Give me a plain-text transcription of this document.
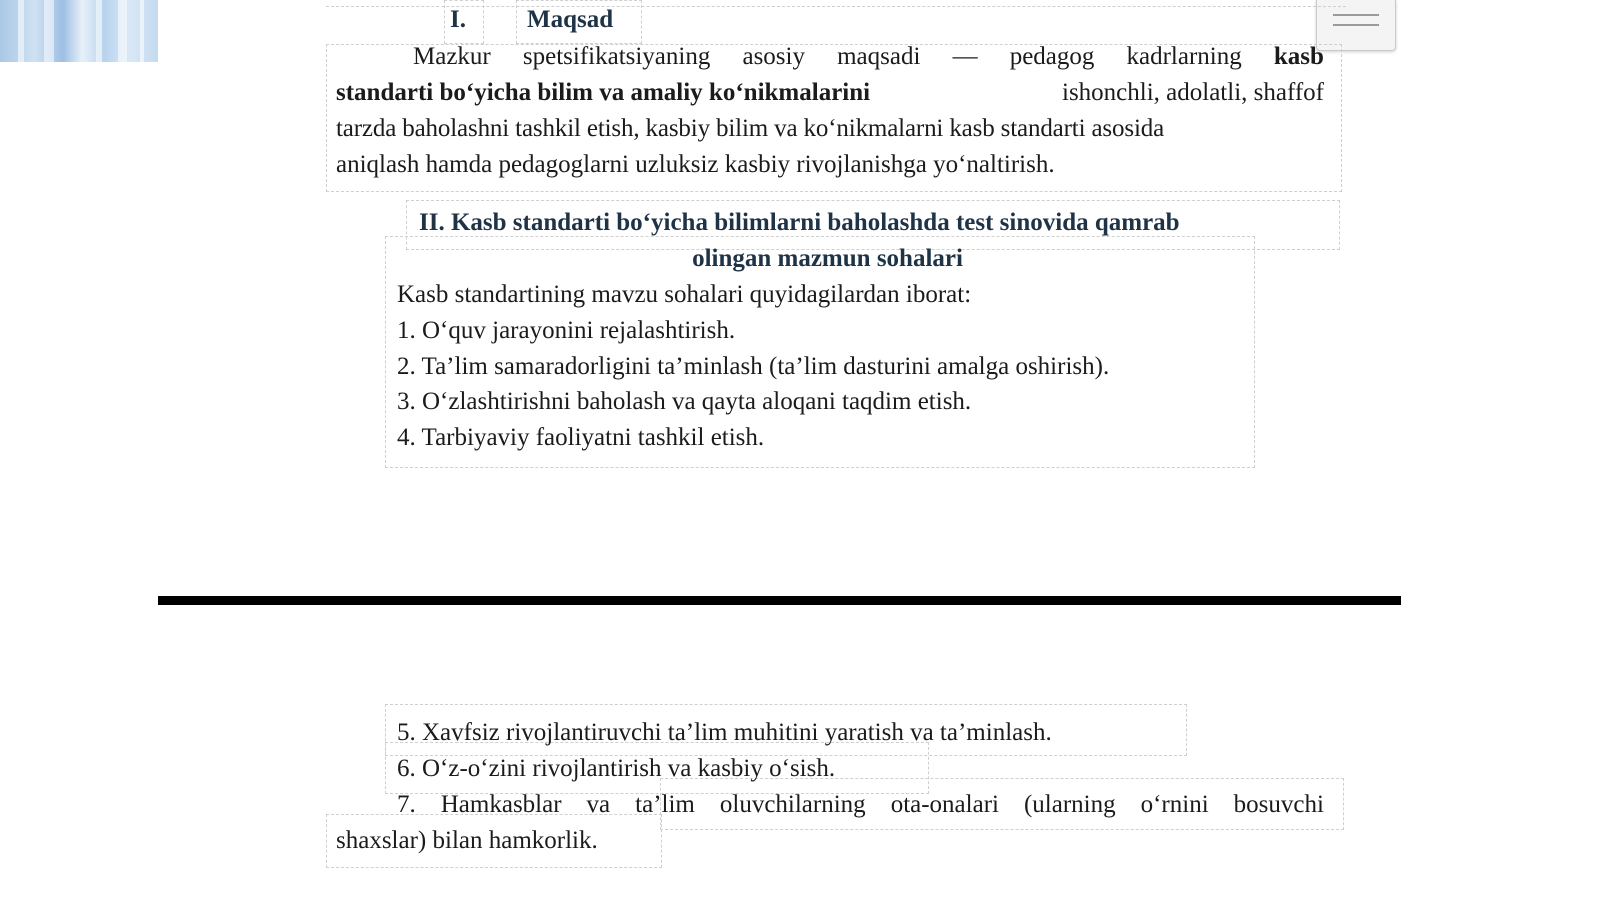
I. Maqsad
Mazkur spetsifikatsiyaning asosiy maqsadi — pedagog kadrlarning kasb
standarti bo‘yicha bilim va amaliy ko‘nikmalarini	ishonchli, adolatli, shaffof
tarzda baholashni tashkil etish, kasbiy bilim va ko‘nikmalarni kasb standarti asosida
aniqlash hamda pedagoglarni uzluksiz kasbiy rivojlanishga yo‘naltirish.
II. Kasb standarti bo‘yicha bilimlarni baholashda test sinovida qamrab
olingan mazmun sohalari
Kasb standartining mavzu sohalari quyidagilardan iborat:
1. O‘quv jarayonini rejalashtirish.
2. Ta’lim samaradorligini ta’minlash (ta’lim dasturini amalga oshirish).
3. O‘zlashtirishni baholash va qayta aloqani taqdim etish.
4. Tarbiyaviy faoliyatni tashkil etish.
5. Xavfsiz rivojlantiruvchi ta’lim muhitini yaratish va ta’minlash.
6. O‘z-o‘zini rivojlantirish va kasbiy o‘sish.
7. Hamkasblar va ta’lim oluvchilarning ota-onalari (ularning o‘rnini bosuvchi
shaxslar) bilan hamkorlik.
